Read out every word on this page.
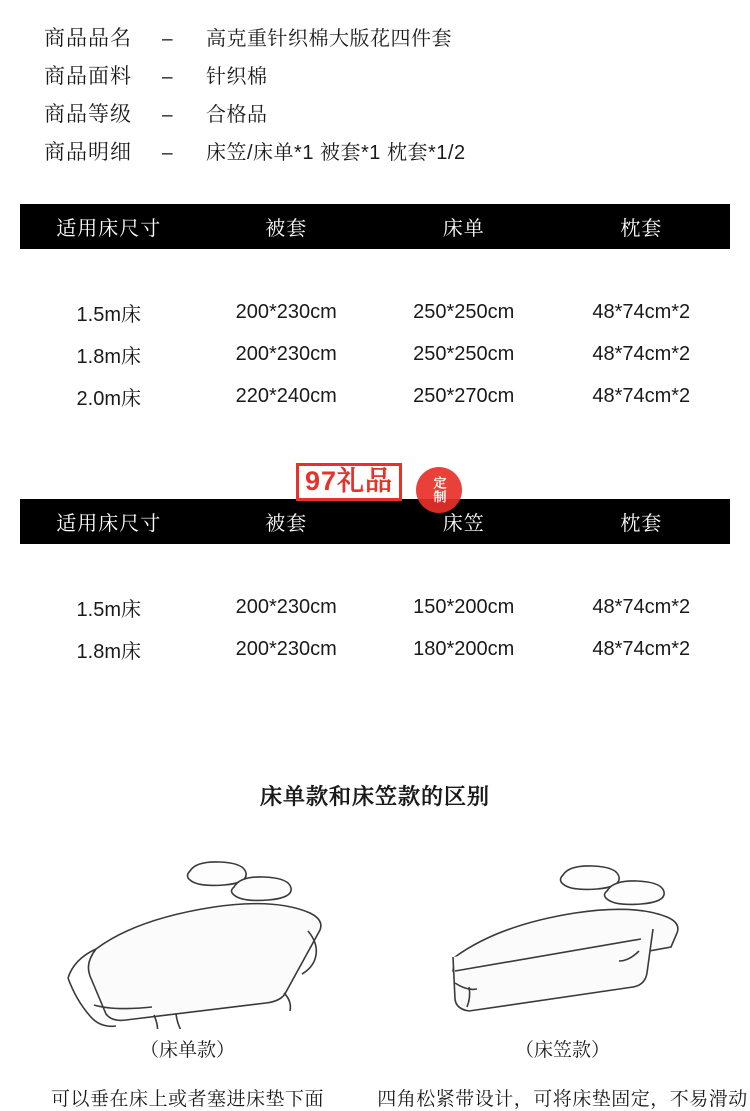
商品品名	–	高克重针织棉大版花四件套
商品面料	–	针织棉
商品等级	–	合格品
商品明细	–	床笠/床单*1 被套*1 枕套*1/2
适用床尺寸	被套	床单	枕套

1.5m床	200*230cm	250*250cm	48*74cm*2
1.8m床	200*230cm	250*250cm	48*74cm*2
2.0m床	220*240cm	250*270cm	48*74cm*2

适用床尺寸	被套	床笠	枕套

1.5m床	200*230cm	150*200cm	48*74cm*2
1.8m床	200*230cm	180*200cm	48*74cm*2

97礼品	定制
床单款和床笠款的区别
（床单款）
可以垂在床上或者塞进床垫下面
（床笠款）
四角松紧带设计，可将床垫固定，不易滑动
